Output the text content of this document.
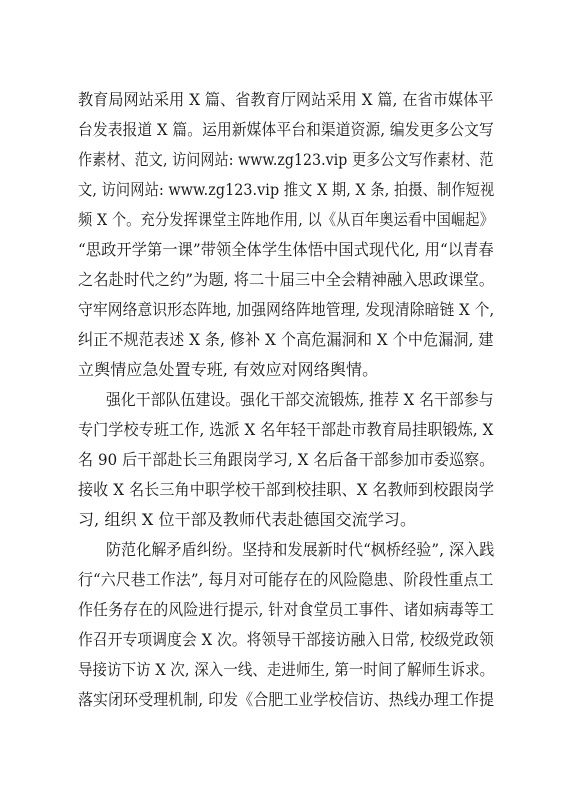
教育局网站采用 X 篇、省教育厅网站采用 X 篇, 在省市媒体平
台发表报道 X 篇。运用新媒体平台和渠道资源, 编发更多公文写
作素材、范文, 访问网站: www.zg123.vip 更多公文写作素材、范
文, 访问网站: www.zg123.vip 推文 X 期, X 条, 拍摄、制作短视
频 X 个。充分发挥课堂主阵地作用, 以《从百年奥运看中国崛起》
“思政开学第一课”带领全体学生体悟中国式现代化, 用“以青春
之名赴时代之约”为题, 将二十届三中全会精神融入思政课堂。
守牢网络意识形态阵地, 加强网络阵地管理, 发现清除暗链 X 个,
纠正不规范表述 X 条, 修补 X 个高危漏洞和 X 个中危漏洞, 建
立舆情应急处置专班, 有效应对网络舆情。
强化干部队伍建设。强化干部交流锻炼, 推荐 X 名干部参与
专门学校专班工作, 选派 X 名年轻干部赴市教育局挂职锻炼, X
名 90 后干部赴长三角跟岗学习, X 名后备干部参加市委巡察。
接收 X 名长三角中职学校干部到校挂职、X 名教师到校跟岗学
习, 组织 X 位干部及教师代表赴德国交流学习。
防范化解矛盾纠纷。坚持和发展新时代“枫桥经验”, 深入践
行“六尺巷工作法”, 每月对可能存在的风险隐患、阶段性重点工
作任务存在的风险进行提示, 针对食堂员工事件、诸如病毒等工
作召开专项调度会 X 次。将领导干部接访融入日常, 校级党政领
导接访下访 X 次, 深入一线、走进师生, 第一时间了解师生诉求。
落实闭环受理机制, 印发《合肥工业学校信访、热线办理工作提
